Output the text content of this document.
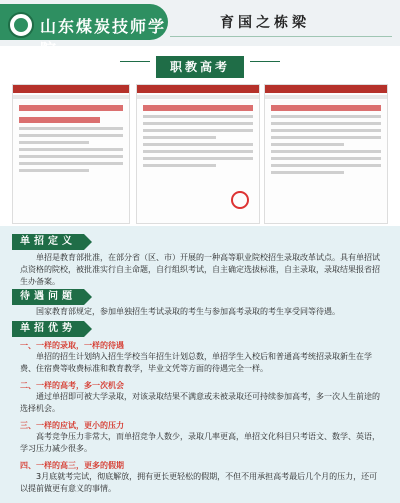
山东煤炭技师学院
育国之栋梁
职教高考
单招定义
单招是教育部批准，在部分省（区、市）开展的一种高等职业院校招生录取改革试点。具有单招试点资格的院校，被批准实行自主命题，自行组织考试，自主确定选拔标准，自主录取，录取结果报省招生办备案。
待遇问题
国家教育部规定，参加单独招生考试录取的考生与参加高考录取的考生享受同等待遇。
单招优势
一、一样的录取，一样的待遇
单招的招生计划纳入招生学校当年招生计划总数，单招学生入校后和普通高考统招录取新生在学费、住宿费等收费标准和教育教学，毕业文凭等方面的待遇完全一样。
二、一样的高考，多一次机会
通过单招即可被大学录取，对该录取结果不满意或未被录取还可持续参加高考，多一次人生前途的选择机会。
三、一样的应试，更小的压力
高考竞争压力非常大，而单招竞争人数少，录取几率更高，单招文化科目只考语文、数学、英语，学习压力减少很多。
四、一样的高三，更多的假期
3月底就考完试，彻底解放，拥有更长更轻松的假期，不但不用承担高考最后几个月的压力，还可以提前做更有意义的事情。
